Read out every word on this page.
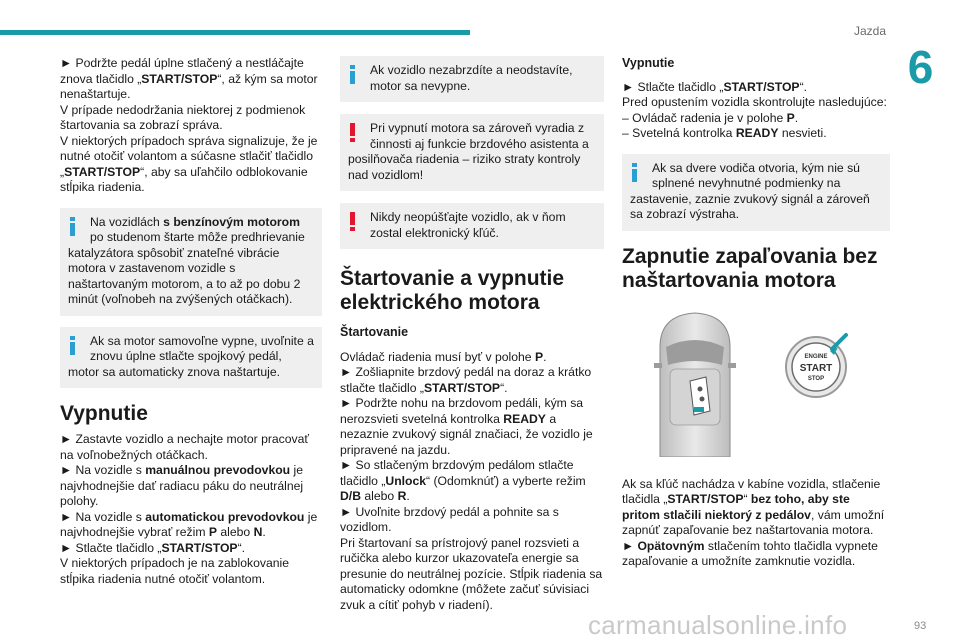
Jazda
6

► Podržte pedál úplne stlačený a nestláčajte znova tlačidlo „START/STOP“, až kým sa motor nenaštartuje.

V prípade nedodržania niektorej z podmienok štartovania sa zobrazí správa.

V niektorých prípadoch správa signalizuje, že je nutné otočiť volantom a súčasne stlačiť tlačidlo „START/STOP“, aby sa uľahčilo odblokovanie stĺpika riadenia.

Na vozidlách s benzínovým motorom po studenom štarte môže predhrievanie
katalyzátora spôsobiť znateľné vibrácie motora v zastavenom vozidle s naštartovaným motorom, a to až po dobu 2 minút (voľnobeh na zvýšených otáčkach).
Ak sa motor samovoľne vypne, uvoľnite a znovu úplne stlačte spojkový pedál,
motor sa automaticky znova naštartuje.
Vypnutie

► Zastavte vozidlo a nechajte motor pracovať na voľnobežných otáčkach.

► Na vozidle s manuálnou prevodovkou je najvhodnejšie dať radiacu páku do neutrálnej polohy.

► Na vozidle s automatickou prevodovkou je najvhodnejšie vybrať režim P alebo N.

► Stlačte tlačidlo „START/STOP“.

V niektorých prípadoch je na zablokovanie stĺpika riadenia nutné otočiť volantom.

Ak vozidlo nezabrzdíte a neodstavíte, motor sa nevypne.
Pri vypnutí motora sa zároveň vyradia z činnosti aj funkcie brzdového asistenta a
posilňovača riadenia – riziko straty kontroly nad vozidlom!
Nikdy neopúšťajte vozidlo, ak v ňom zostal elektronický kľúč.
Štartovanie a vypnutie elektrického motora

Štartovanie

Ovládač riadenia musí byť v polohe P.

► Zošliapnite brzdový pedál na doraz a krátko stlačte tlačidlo „START/STOP“.

► Podržte nohu na brzdovom pedáli, kým sa nerozsvieti svetelná kontrolka READY a nezaznie zvukový signál značiaci, že vozidlo je pripravené na jazdu.

► So stlačeným brzdovým pedálom stlačte tlačidlo „Unlock“ (Odomknúť) a vyberte režim D/B alebo R.

► Uvoľnite brzdový pedál a pohnite sa s vozidlom.

Pri štartovaní sa prístrojový panel rozsvieti a ručička alebo kurzor ukazovateľa energie sa presunie do neutrálnej pozície. Stĺpik riadenia sa automaticky odomkne (môžete začuť súvisiaci zvuk a cítiť pohyb v riadení).

Vypnutie

► Stlačte tlačidlo „START/STOP“.

Pred opustením vozidla skontrolujte nasledujúce:

– Ovládač radenia je v polohe P.

– Svetelná kontrolka READY nesvieti.

Ak sa dvere vodiča otvoria, kým nie sú splnené nevyhnutné podmienky na
zastavenie, zaznie zvukový signál a zároveň sa zobrazí výstraha.
Zapnutie zapaľovania bez naštartovania motora
ENGINE
START
STOP

Ak sa kľúč nachádza v kabíne vozidla, stlačenie tlačidla „START/STOP“ bez toho, aby ste pritom stlačili niektorý z pedálov, vám umožní zapnúť zapaľovanie bez naštartovania motora.

► Opätovným stlačením tohto tlačidla vypnete zapaľovanie a umožníte zamknutie vozidla.

carmanualsonline.info	93
